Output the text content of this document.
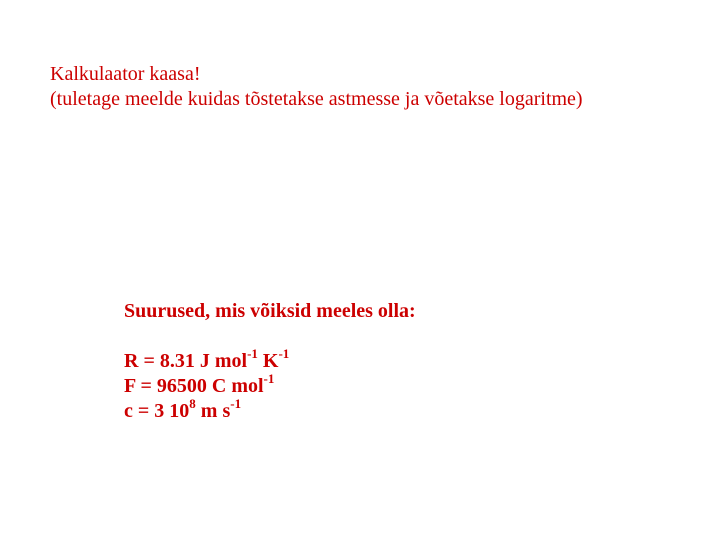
Kalkulaator kaasa!
(tuletage meelde kuidas tõstetakse astmesse ja võetakse logaritme)
Suurused, mis võiksid meeles olla:
R = 8.31 J mol$^{-1}$ $K^{-1}$
F = 96500 C mol$^{-1}$
c = 3 $10^8$ m $s^{-1}$
